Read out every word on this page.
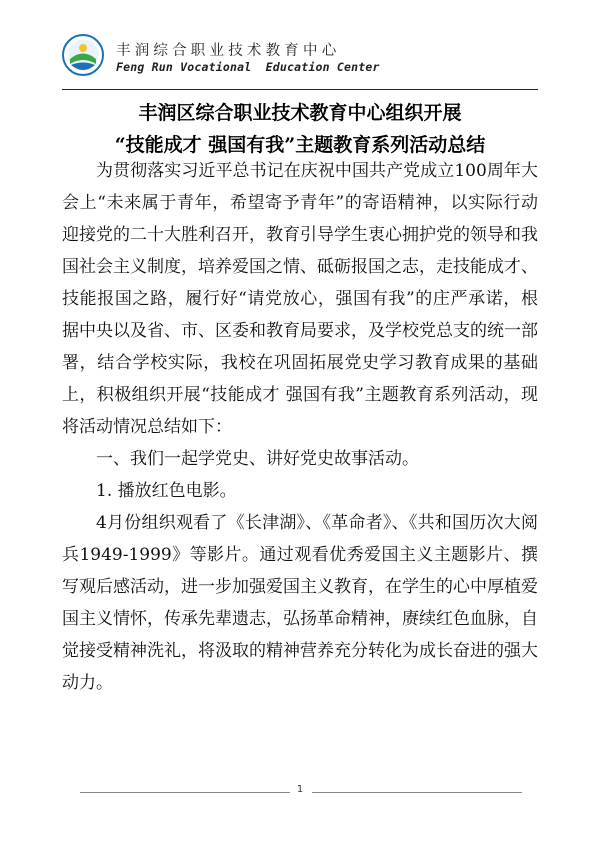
丰润综合职业技术教育中心
Feng Run Vocational  Education Center
丰润区综合职业技术教育中心组织开展
“技能成才 强国有我”主题教育系列活动总结

为贯彻落实习近平总书记在庆祝中国共产党成立100周年大会上“未来属于青年，希望寄予青年”的寄语精神，以实际行动迎接党的二十大胜利召开，教育引导学生衷心拥护党的领导和我国社会主义制度，培养爱国之情、砥砺报国之志，走技能成才、技能报国之路，履行好“请党放心，强国有我”的庄严承诺，根据中央以及省、市、区委和教育局要求，及学校党总支的统一部署，结合学校实际，我校在巩固拓展党史学习教育成果的基础上，积极组织开展“技能成才 强国有我”主题教育系列活动，现将活动情况总结如下：

一、我们一起学党史、讲好党史故事活动。

1. 播放红色电影。

4月份组织观看了《长津湖》、《革命者》、《共和国历次大阅兵1949-1999》等影片。通过观看优秀爱国主义主题影片、撰写观后感活动，进一步加强爱国主义教育，在学生的心中厚植爱国主义情怀，传承先辈遗志，弘扬革命精神，赓续红色血脉，自觉接受精神洗礼，将汲取的精神营养充分转化为成长奋进的强大动力。

1
